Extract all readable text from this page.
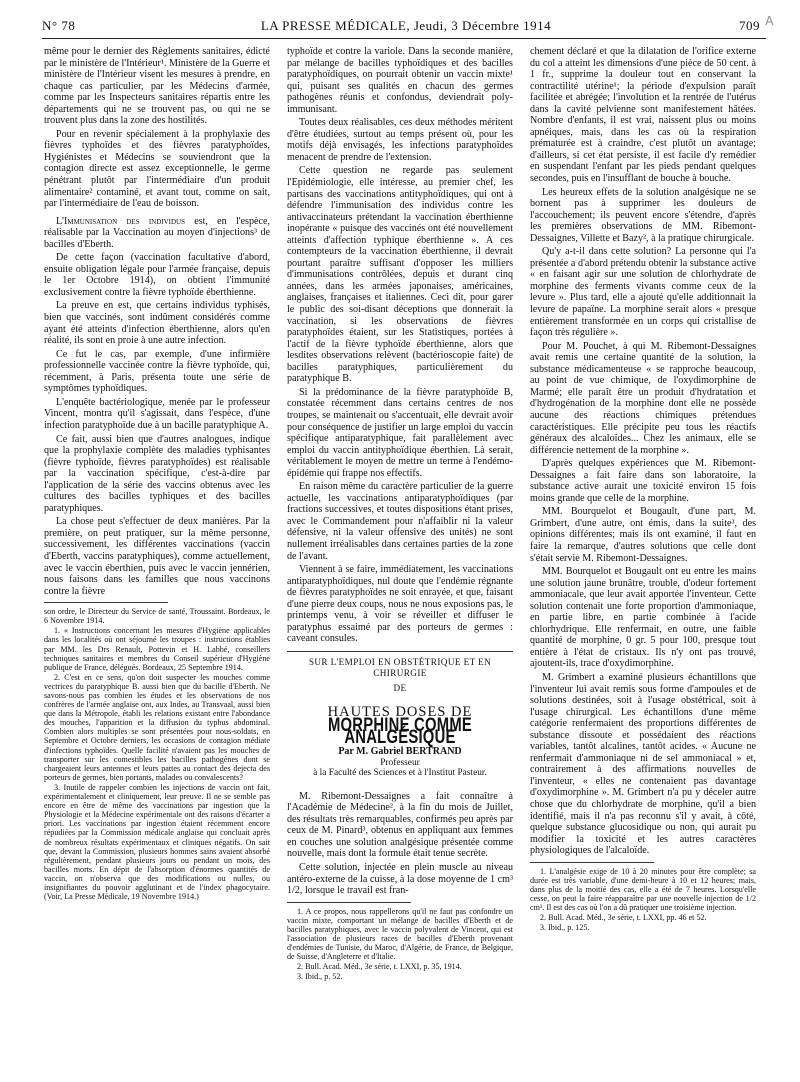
N° 78	LA PRESSE MÉDICALE, Jeudi, 3 Décembre 1914	709 A

même pour le dernier des Règlements sanitaires, édicté par le ministère de l'Intérieur¹. Ministère de la Guerre et ministère de l'Intérieur visent les mesures à prendre, en chaque cas particulier, par les Médecins d'armée, comme par les Inspecteurs sanitaires répartis entre les départements qui ne se trouvent pas, ou qui ne se trouvent plus dans la zone des hostilités.

Pour en revenir spécialement à la prophylaxie des fièvres typhoïdes et des fièvres paratyphoïdes, Hygiénistes et Médecins se souviendront que la contagion directe est assez exceptionnelle, le germe pénétrant plutôt par l'intermédiaire d'un produit alimentaire² contaminé, et avant tout, comme on sait, par l'intermédiaire de l'eau de boisson.

L'Immunisation des individus est, en l'espèce, réalisable par la Vaccination au moyen d'injections³ de bacilles d'Eberth.

De cette façon (vaccination facultative d'abord, ensuite obligation légale pour l'armée française, depuis le 1er Octobre 1914), on obtient l'immunité exclusivement contre la fièvre typhoïde éberthienne.

La preuve en est, que certains individus typhisés, bien que vaccinés, sont indûment considérés comme ayant été atteints d'infection éberthienne, alors qu'en réalité, ils sont en proie à une autre infection.

Ce fut le cas, par exemple, d'une infirmière professionnelle vaccinée contre la fièvre typhoïde, qui, récemment, à Paris, présenta toute une série de symptômes typhoïdiques.

L'enquête bactériologique, menée par le professeur Vincent, montra qu'il s'agissait, dans l'espèce, d'une infection paratyphoïde due à un bacille paratyphique A.

Ce fait, aussi bien que d'autres analogues, indique que la prophylaxie complète des maladies typhisantes (fièvre typhoïde, fièvres paratyphoïdes) est réalisable par la vaccination spécifique, c'est-à-dire par l'application de la série des vaccins obtenus avec les cultures des bacilles typhiques et des bacilles paratyphiques.

La chose peut s'effectuer de deux manières. Par la première, on peut pratiquer, sur la même personne, successivement, les différentes vaccinations (vaccin d'Eberth, vaccins paratyphiques), comme actuellement, avec le vaccin éberthien, puis avec le vaccin jennérien, nous faisons dans les familles que nous vaccinons contre la fièvre

son ordre, le Directeur du Service de santé, Troussaint. Bordeaux, le 6 Novembre 1914.

1. « Instructions concernant les mesures d'Hygiène applicables dans les localités où ont séjourné les troupes : instructions établies par MM. les Drs Renault, Pottevin et H. Labbé, conseillers techniques sanitaires et membres du Conseil supérieur d'Hygiène publique de France, délégués. Bordeaux, 25 Septembre 1914.

2. C'est en ce sens, qu'on doit suspecter les mouches comme vectrices du paratyphique B. aussi bien que du bacille d'Eberth. Ne savons-nous pas combien les études et les observations de nos confrères de l'armée anglaise ont, aux Indes, au Transvaal, aussi bien que dans la Métropole, établi les relations existant entre l'abondance des mouches, l'apparition et la diffusion du typhus abdominal. Combien alors multiples se sont présentées pour nous-soldats, en Septembre et Octobre derniers, les occasions de contagion médiate d'infections typhoïdes. Quelle facilité n'avaient pas les mouches de transporter sur les comestibles les bacilles pathogènes dont se chargeaient leurs antennes et leurs pattes au contact des dejecta des porteurs de germes, bien portants, malades ou convalescents?

3. Inutile de rappeler combien les injections de vaccin ont fait, expérimentalement et cliniquement, leur preuve. Il ne se semble pas encore en être de même des vaccinations par ingestion que la Physiologie et la Médecine expérimentale ont des raisons d'écarter a priori. Les vaccinations par ingestion étaient récemment encore répudiées par la Commission médicale anglaise qui concluait après de nombreux résultats expérimentaux et cliniques négatifs. On sait que, devant la Commission, plusieurs hommes sains avaient absorbé régulièrement, pendant plusieurs jours ou pendant un mois, des bacilles morts. En dépit de l'absorption d'énormes quantités de vaccin, on n'observa que des modifications ou nulles, ou insignifiantes du pouvoir agglutinant et de l'index phagocytaire. (Voir, La Presse Médicale, 19 Novembre 1914.)

typhoïde et contre la variole. Dans la seconde manière, par mélange de bacilles typhoïdiques et des bacilles paratyphoïdiques, on pourrait obtenir un vaccin mixte¹ qui, puisant ses qualités en chacun des germes pathogènes réunis et confondus, deviendrait poly-immunisant.

Toutes deux réalisables, ces deux méthodes méritent d'être étudiées, surtout au temps présent où, pour les motifs déjà envisagés, les infections paratyphoïdes menacent de prendre de l'extension.

Cette question ne regarde pas seulement l'Epidémiologie, elle intéresse, au premier chef, les partisans des vaccinations antityphoïdiques, qui ont à défendre l'immunisation des individus contre les antivaccinateurs prétendant la vaccination éberthienne inopérante « puisque des vaccinés ont été nouvellement atteints d'affection typhique éberthienne ». A ces contempteurs de la vaccination éberthienne, il devrait pourtant paraître suffisant d'opposer les milliers d'immunisations contrôlées, depuis et durant cinq années, dans les armées japonaises, américaines, anglaises, françaises et italiennes. Ceci dit, pour garer le public des soi-disant déceptions que donnerait la vaccination, si les observations de fièvres paratyphoïdes étaient, sur les Statistiques, portées à l'actif de la fièvre typhoïde éberthienne, alors que lesdites observations relèvent (bactérioscopie faite) de bacilles paratyphiques, particulièrement du paratyphique B.

Si la prédominance de la fièvre paratyphoïde B, constatée récemment dans certains centres de nos troupes, se maintenait ou s'accentuait, elle devrait avoir pour conséquence de justifier un large emploi du vaccin spécifique antiparatyphique, fait parallèlement avec emploi du vaccin antityphoïdique éberthien. Là serait, véritablement le moyen de mettre un terme à l'endémo-épidémie qui frappe nos effectifs.

En raison même du caractère particulier de la guerre actuelle, les vaccinations antiparatyphoïdiques (par fractions successives, et toutes dispositions étant prises, avec le Commandement pour n'affaiblir ni la valeur défensive, ni la valeur offensive des unités) ne sont nullement irréalisables dans certaines parties de la zone de l'avant.

Viennent à se faire, immédiatement, les vaccinations antiparatyphoïdiques, nul doute que l'endémie régnante de fièvres paratyphoïdes ne soit enrayée, et que, faisant d'une pierre deux coups, nous ne nous exposions pas, le printemps venu, à voir se réveiller et diffuser le paratyphus essaimé par des porteurs de germes : caveant consules.

SUR L'EMPLOI EN OBSTÉTRIQUE ET EN CHIRURGIE
DE
HAUTES DOSES DE
MORPHINE COMME ANALGÉSIQUE
Par M. Gabriel BERTRAND
Professeur
à la Faculté des Sciences et à l'Institut Pasteur.

M. Ribemont-Dessaignes a fait connaître à l'Académie de Médecine², à la fin du mois de Juillet, des résultats très remarquables, confirmés peu après par ceux de M. Pinard³, obtenus en appliquant aux femmes en couches une solution analgésique présentée comme nouvelle, mais dont la formule était tenue secrète.

Cette solution, injectée en plein muscle au niveau antéro-externe de la cuisse, à la dose moyenne de 1 cm³ 1/2, lorsque le travail est fran-

1. A ce propos, nous rappellerons qu'il ne faut pas confondre un vaccin mixte, comportant un mélange de bacilles d'Eberth et de bacilles paratyphiques, avec le vaccin polyvalent de Vincent, qui est l'association de plusieurs races de bacilles d'Eberth provenant d'endémies de Tunisie, du Maroc, d'Algérie, de France, de Belgique, de Suisse, d'Angleterre et d'Italie.

2. Bull. Acad. Méd., 3e série, t. LXXI, p. 35, 1914.

3. Ibid., p. 52.

chement déclaré et que la dilatation de l'orifice externe du col a atteint les dimensions d'une pièce de 50 cent. à 1 fr., supprime la douleur tout en conservant la contractilité utérine¹; la période d'expulsion paraît facilitée et abrégée; l'involution et la rentrée de l'utérus dans la cavité pelvienne sont manifestement hâtées. Nombre d'enfants, il est vrai, naissent plus ou moins apnéiques, mais, dans les cas où la respiration prématurée est à craindre, c'est plutôt un avantage; d'ailleurs, si cet état persiste, il est facile d'y remédier en suspendant l'enfant par les pieds pendant quelques secondes, puis en l'insufflant de bouche à bouche.

Les heureux effets de la solution analgésique ne se bornent pas à supprimer les douleurs de l'accouchement; ils peuvent encore s'étendre, d'après les premières observations de MM. Ribemont-Dessaignes, Villette et Bazy², à la pratique chirurgicale.

Qu'y a-t-il dans cette solution? La personne qui l'a présentée a d'abord prétendu obtenir la substance active « en faisant agir sur une solution de chlorhydrate de morphine des ferments vivants comme ceux de la levure ». Plus tard, elle a ajouté qu'elle additionnait la levure de papaïne. La morphine serait alors « presque entièrement transformée en un corps qui cristallise de façon très régulière ».

Pour M. Pouchet, à qui M. Ribemont-Dessaignes avait remis une certaine quantité de la solution, la substance médicamenteuse « se rapproche beaucoup, au point de vue chimique, de l'oxydimorphine de Marmé; elle paraît être un produit d'hydratation et d'hydrogénation de la morphine dont elle ne possède aucune des réactions chimiques prétendues caractéristiques. Elle précipite peu tous les réactifs généraux des alcaloïdes... Chez les animaux, elle se différencie nettement de la morphine ».

D'après quelques expériences que M. Ribemont-Dessaignes a fait faire dans son laboratoire, la substance active aurait une toxicité environ 15 fois moins grande que celle de la morphine.

MM. Bourquelot et Bougault, d'une part, M. Grimbert, d'une autre, ont émis, dans la suite³, des opinions différentes; mais ils ont examiné, il faut en faire la remarque, d'autres solutions que celle dont s'était servie M. Ribemont-Dessaignes.

MM. Bourquelot et Bougault ont eu entre les mains une solution jaune brunâtre, trouble, d'odeur fortement ammoniacale, que leur avait apportée l'inventeur. Cette solution contenait une forte proportion d'ammoniaque, en partie libre, en partie combinée à l'acide chlorhydrique. Elle renfermait, en outre, une faible quantité de morphine, 0 gr. 5 pour 100, presque tout entière à l'état de cristaux. Ils n'y ont pas trouvé, ajoutent-ils, trace d'oxydimorphine.

M. Grimbert a examiné plusieurs échantillons que l'inventeur lui avait remis sous forme d'ampoules et de solutions destinées, soit à l'usage obstétrical, soit à l'usage chirurgical. Les échantillons d'une même catégorie renfermaient des proportions différentes de substance dissoute et possédaient des réactions variables, tantôt alcalines, tantôt acides. « Aucune ne renfermait d'ammoniaque ni de sel ammoniacal » et, contrairement à des affirmations nouvelles de l'inventeur, « elles ne contenaient pas davantage d'oxydimorphine ». M. Grimbert n'a pu y déceler autre chose que du chlorhydrate de morphine, qu'il a bien identifié, mais il n'a pas reconnu s'il y avait, à côté, quelque substance glucosidique ou non, qui aurait pu modifier la toxicité et les autres caractères physiologiques de l'alcaloïde.

1. L'analgésie exige de 10 à 20 minutes pour être complète; sa durée est très variable, d'une demi-heure à 10 et 12 heures; mais, dans plus de la moitié des cas, elle a été de 7 heures. Lorsqu'elle cesse, on peut la faire réapparaître par une nouvelle injection de 1/2 cm³. Il est des cas où l'on a dû pratiquer une troisième injection.

2. Bull. Acad. Méd., 3e série, t. LXXI, pp. 46 et 52.

3. Ibid., p. 125.
